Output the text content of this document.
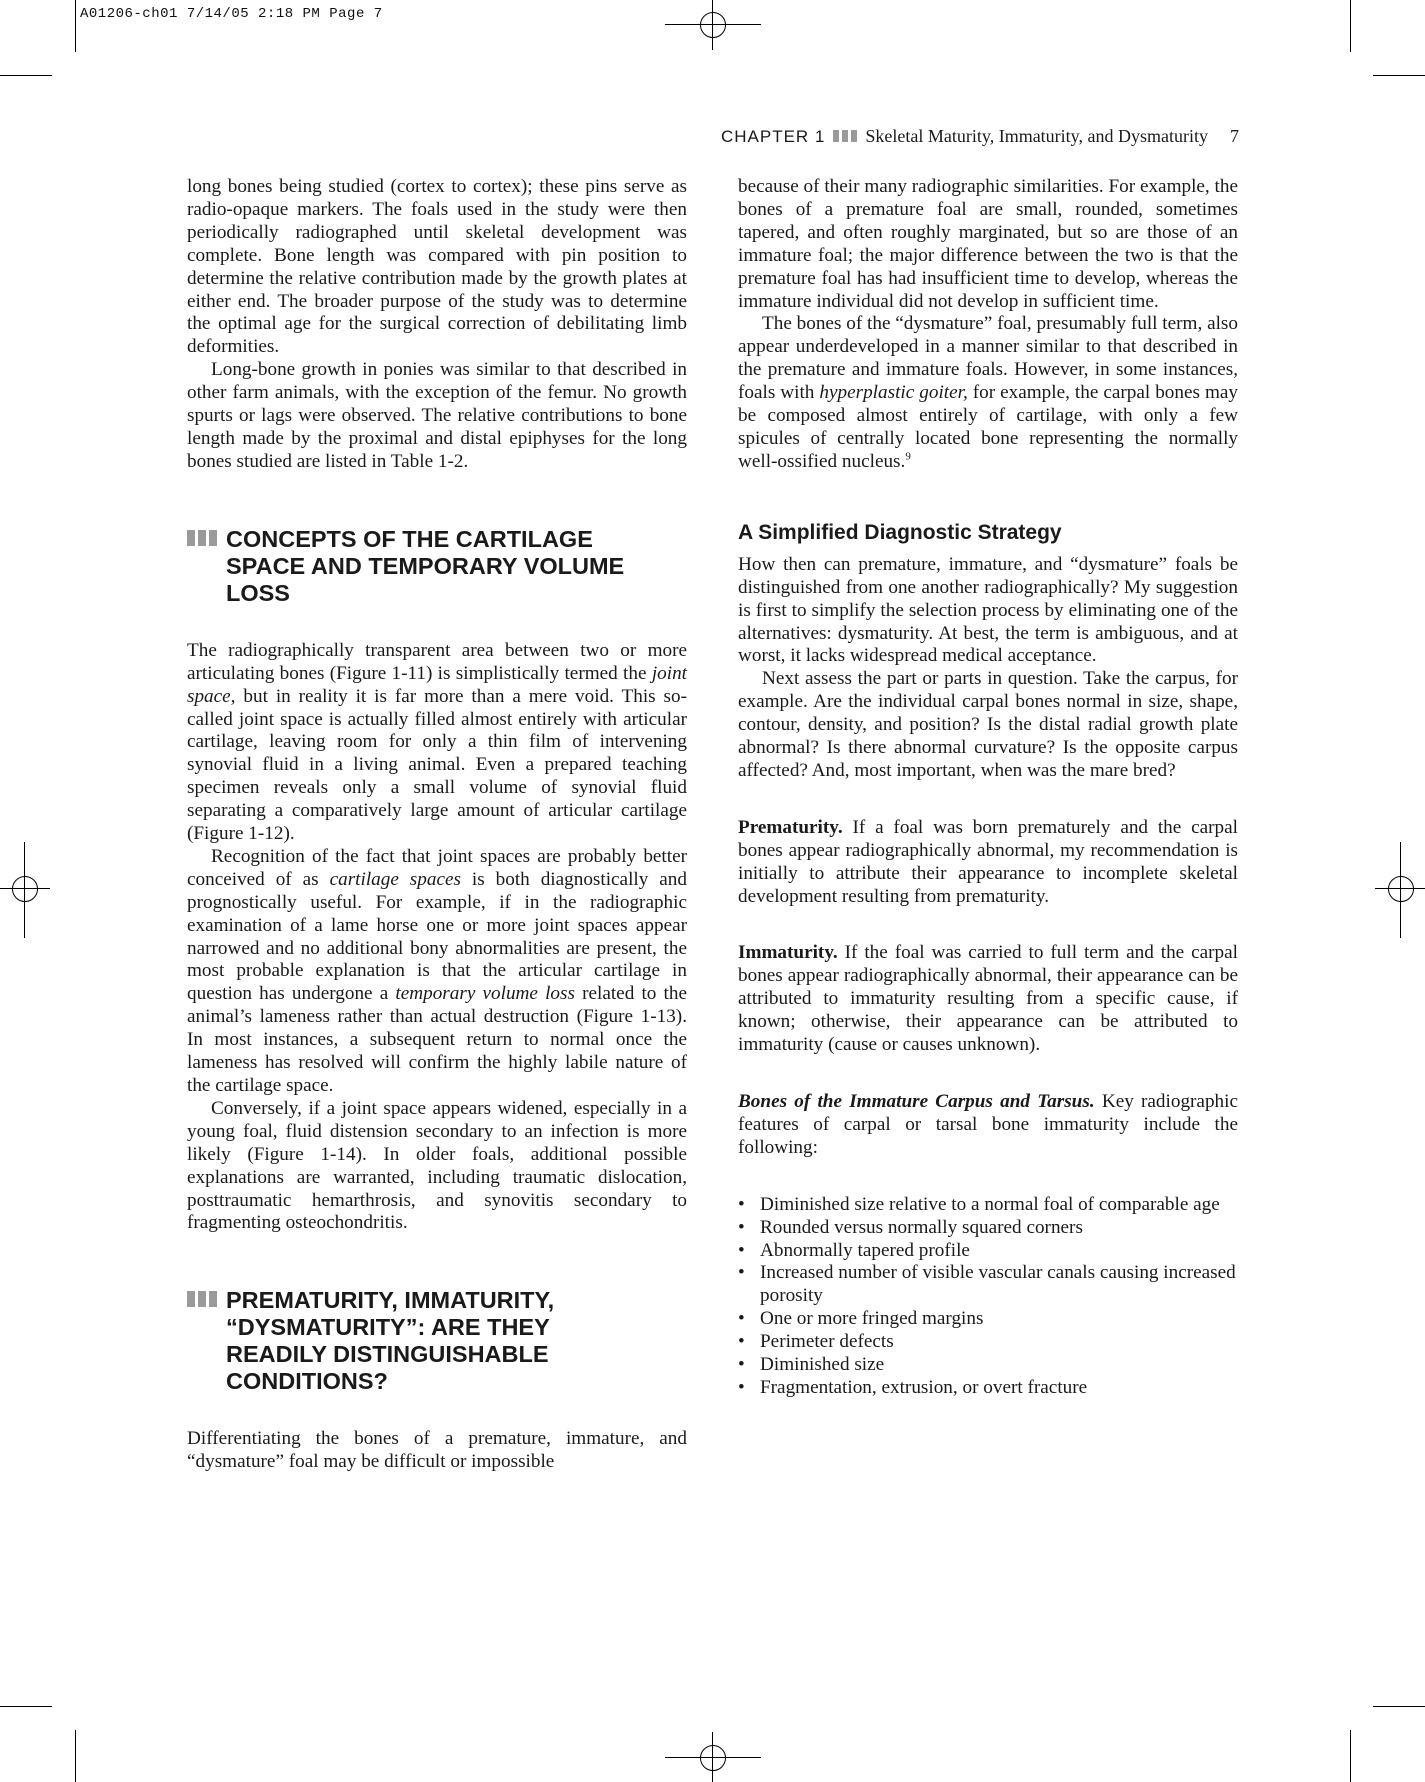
A01206-ch01 7/14/05 2:18 PM Page 7
CHAPTER 1 Skeletal Maturity, Immaturity, and Dysmaturity 7

long bones being studied (cortex to cortex); these pins serve as radio-opaque markers. The foals used in the study were then periodically radiographed until skeletal development was complete. Bone length was compared with pin position to determine the relative contribution made by the growth plates at either end. The broader purpose of the study was to determine the optimal age for the surgical correction of debilitating limb deformities.

Long-bone growth in ponies was similar to that described in other farm animals, with the exception of the femur. No growth spurts or lags were observed. The relative contributions to bone length made by the proximal and distal epiphyses for the long bones studied are listed in Table 1-2.

CONCEPTS OF THE CARTILAGE SPACE AND TEMPORARY VOLUME LOSS

The radiographically transparent area between two or more articulating bones (Figure 1-11) is simplistically termed the joint space, but in reality it is far more than a mere void. This so-called joint space is actually filled almost entirely with articular cartilage, leaving room for only a thin film of intervening synovial fluid in a living animal. Even a prepared teaching specimen reveals only a small volume of synovial fluid separating a comparatively large amount of articular cartilage (Figure 1-12).

Recognition of the fact that joint spaces are probably better conceived of as cartilage spaces is both diagnostically and prognostically useful. For example, if in the radiographic examination of a lame horse one or more joint spaces appear narrowed and no additional bony abnormalities are present, the most probable explanation is that the articular cartilage in question has undergone a temporary volume loss related to the animal’s lameness rather than actual destruction (Figure 1-13). In most instances, a subsequent return to normal once the lameness has resolved will confirm the highly labile nature of the cartilage space.

Conversely, if a joint space appears widened, especially in a young foal, fluid distension secondary to an infection is more likely (Figure 1-14). In older foals, additional possible explanations are warranted, including traumatic dislocation, posttraumatic hemarthrosis, and synovitis secondary to fragmenting osteochondritis.

PREMATURITY, IMMATURITY, “DYSMATURITY”: ARE THEY READILY DISTINGUISHABLE CONDITIONS?

Differentiating the bones of a premature, immature, and “dysmature” foal may be difficult or impossible

because of their many radiographic similarities. For example, the bones of a premature foal are small, rounded, sometimes tapered, and often roughly marginated, but so are those of an immature foal; the major difference between the two is that the premature foal has had insufficient time to develop, whereas the immature individual did not develop in sufficient time.

The bones of the “dysmature” foal, presumably full term, also appear underdeveloped in a manner similar to that described in the premature and immature foals. However, in some instances, foals with hyperplastic goiter, for example, the carpal bones may be composed almost entirely of cartilage, with only a few spicules of centrally located bone representing the normally well-ossified nucleus.$^9$

A Simplified Diagnostic Strategy

How then can premature, immature, and “dysmature” foals be distinguished from one another radiographically? My suggestion is first to simplify the selection process by eliminating one of the alternatives: dysmaturity. At best, the term is ambiguous, and at worst, it lacks widespread medical acceptance.

Next assess the part or parts in question. Take the carpus, for example. Are the individual carpal bones normal in size, shape, contour, density, and position? Is the distal radial growth plate abnormal? Is there abnormal curvature? Is the opposite carpus affected? And, most important, when was the mare bred?

Prematurity. If a foal was born prematurely and the carpal bones appear radiographically abnormal, my recommendation is initially to attribute their appearance to incomplete skeletal development resulting from prematurity.

Immaturity. If the foal was carried to full term and the carpal bones appear radiographically abnormal, their appearance can be attributed to immaturity resulting from a specific cause, if known; otherwise, their appearance can be attributed to immaturity (cause or causes unknown).

Bones of the Immature Carpus and Tarsus. Key radiographic features of carpal or tarsal bone immaturity include the following:

• Diminished size relative to a normal foal of comparable age
• Rounded versus normally squared corners
• Abnormally tapered profile
• Increased number of visible vascular canals causing increased porosity
• One or more fringed margins
• Perimeter defects
• Diminished size
• Fragmentation, extrusion, or overt fracture
